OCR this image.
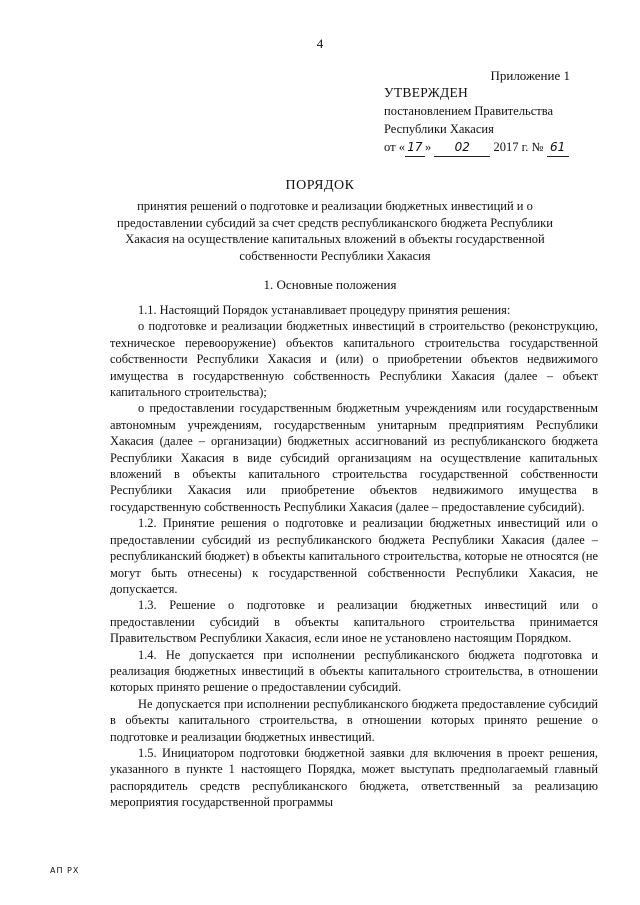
4
Приложение 1
УТВЕРЖДЕН
постановлением Правительства
Республики Хакасия
от « 17 » 02 2017 г. № 61
ПОРЯДОК
принятия решений о подготовке и реализации бюджетных инвестиций и о предоставлении субсидий за счет средств республиканского бюджета Республики Хакасия на осуществление капитальных вложений в объекты государственной собственности Республики Хакасия
1. Основные положения

1.1. Настоящий Порядок устанавливает процедуру принятия решения:

о подготовке и реализации бюджетных инвестиций в строительство (реконструкцию, техническое перевооружение) объектов капитального строительства государственной собственности Республики Хакасия и (или) о приобретении объектов недвижимого имущества в государственную собственность Республики Хакасия (далее – объект капитального строительства);

о предоставлении государственным бюджетным учреждениям или государственным автономным учреждениям, государственным унитарным предприятиям Республики Хакасия (далее – организации) бюджетных ассигнований из республиканского бюджета Республики Хакасия в виде субсидий организациям на осуществление капитальных вложений в объекты капитального строительства государственной собственности Республики Хакасия или приобретение объектов недвижимого имущества в государственную собственность Республики Хакасия (далее – предоставление субсидий).

1.2. Принятие решения о подготовке и реализации бюджетных инвестиций или о предоставлении субсидий из республиканского бюджета Республики Хакасия (далее – республиканский бюджет) в объекты капитального строительства, которые не относятся (не могут быть отнесены) к государственной собственности Республики Хакасия, не допускается.

1.3. Решение о подготовке и реализации бюджетных инвестиций или о предоставлении субсидий в объекты капитального строительства принимается Правительством Республики Хакасия, если иное не установлено настоящим Порядком.

1.4. Не допускается при исполнении республиканского бюджета подготовка и реализация бюджетных инвестиций в объекты капитального строительства, в отношении которых принято решение о предоставлении субсидий.

Не допускается при исполнении республиканского бюджета предоставление субсидий в объекты капитального строительства, в отношении которых принято решение о подготовке и реализации бюджетных инвестиций.

1.5. Инициатором подготовки бюджетной заявки для включения в проект решения, указанного в пункте 1 настоящего Порядка, может выступать предполагаемый главный распорядитель средств республиканского бюджета, ответственный за реализацию мероприятия государственной программы

АП РХ
